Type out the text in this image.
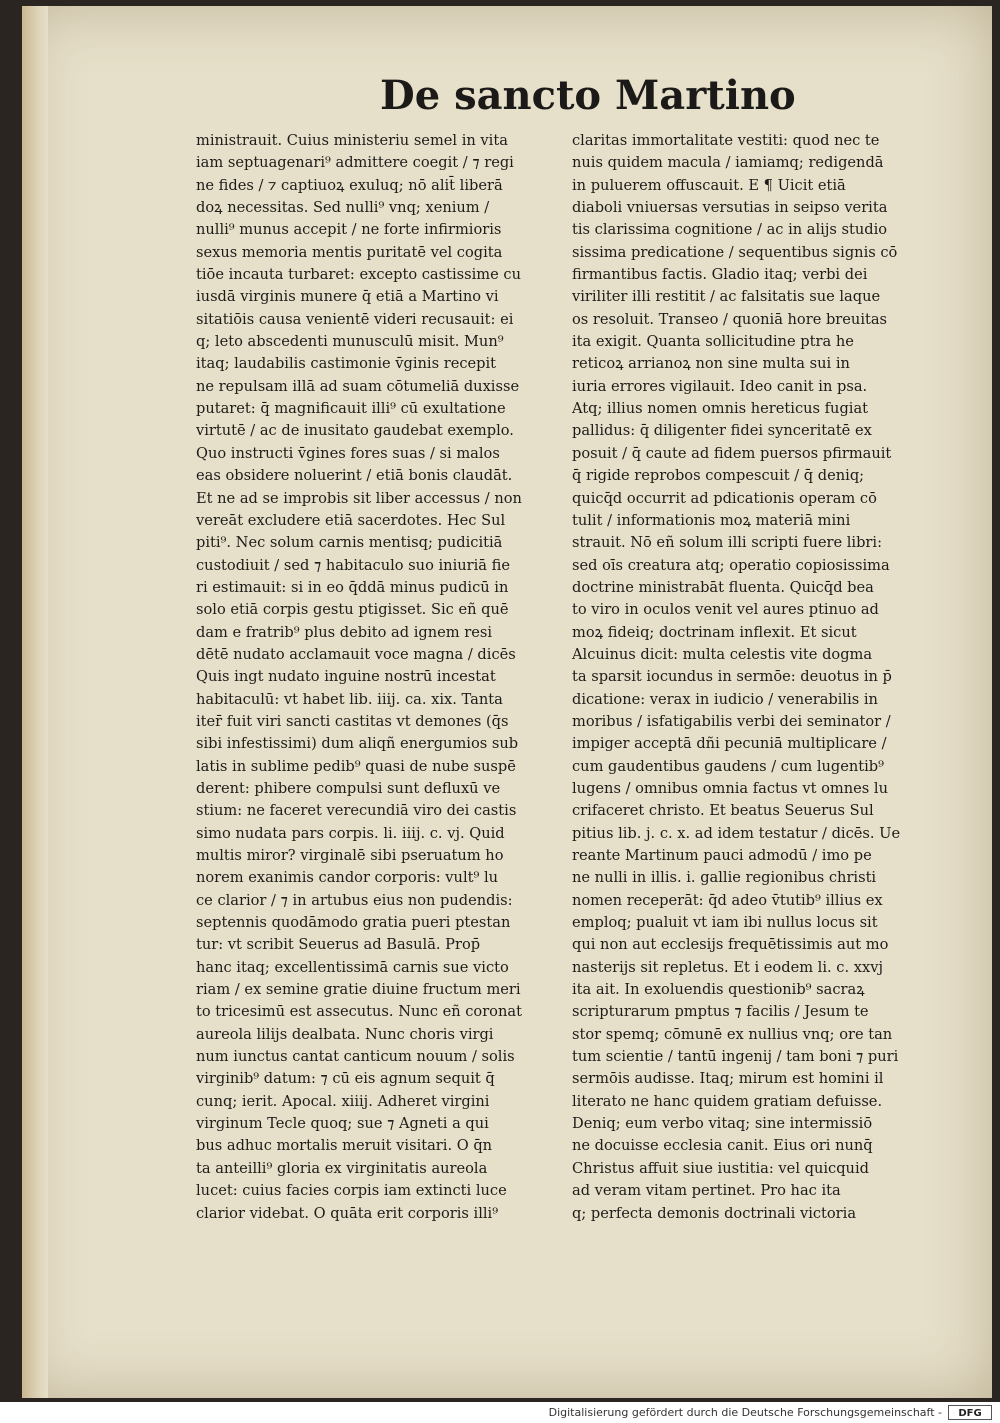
De sancto Martino
ministrauit. Cuius ministeriu semel in vita
iam septuagenari⁹ admittere coegit / ⁊ regi
ne fides / ⁊ captiuoꝝ exuluq; nō alit̄ liberā
doꝝ necessitas. Sed nulli⁹ vnq; xenium /
nulli⁹ munus accepit / ne forte infirmioris
sexus memoria mentis puritatē vel cogita
tiōe incauta turbaret: excepto castissime cu
iusdā virginis munere q̄ etiā a Martino vi
sitatiōis causa venientē videri recusauit: ei
q; leto abscedenti munusculū misit. Mun⁹
itaq; laudabilis castimonie v̄ginis recepit
ne repulsam illā ad suam cōtumeliā duxisse
putaret: q̄ magnificauit illi⁹ cū exultatione
virtutē / ac de inusitato gaudebat exemplo.
Quo instructi v̄gines fores suas / si malos
eas obsidere noluerint / etiā bonis claudāt.
Et ne ad se improbis sit liber accessus / non
vereāt excludere etiā sacerdotes. Hec Sul
piti⁹. Nec solum carnis mentisq; pudicitiā
custodiuit / sed ⁊ habitaculo suo iniuriā fie
ri estimauit: si in eo q̄ddā minus pudicū in
solo etiā corpis gestu ptigisset. Sic eñ quē
dam e fratrib⁹ plus debito ad ignem resi
dētē nudato acclamauit voce magna / dicēs
Quis ingt nudato inguine nostrū incestat
habitaculū: vt habet lib. iiij. ca. xix. Tanta
iter̄ fuit viri sancti castitas vt demones (q̄s
sibi infestissimi) dum aliqñ energumios sub
latis in sublime pedib⁹ quasi de nube suspē
derent: phibere compulsi sunt defluxū ve
stium: ne faceret verecundiā viro dei castis
simo nudata pars corpis. li. iiij. c. vj. Quid
multis miror? virginalē sibi pseruatum ho
norem exanimis candor corporis: vult⁹ lu
ce clarior / ⁊ in artubus eius non pudendis:
septennis quodāmodo gratia pueri ptestan
tur: vt scribit Seuerus ad Basulā. Prop̄
hanc itaq; excellentissimā carnis sue victo
riam / ex semine gratie diuine fructum meri
to tricesimū est assecutus. Nunc eñ coronat
aureola lilijs dealbata. Nunc choris virgi
num iunctus cantat canticum nouum / solis
virginib⁹ datum: ⁊ cū eis agnum sequit q̄
cunq; ierit. Apocal. xiiij. Adheret virgini
virginum Tecle quoq; sue ⁊ Agneti a qui
bus adhuc mortalis meruit visitari. O q̄n
ta anteilli⁹ gloria ex virginitatis aureola
lucet: cuius facies corpis iam extincti luce
clarior videbat. O quāta erit corporis illi⁹
claritas immortalitate vestiti: quod nec te
nuis quidem macula / iamiamq; redigendā
in puluerem offuscauit. E ¶ Uicit etiā
diaboli vniuersas versutias in seipso verita
tis clarissima cognitione / ac in alijs studio
sissima predicatione / sequentibus signis cō
firmantibus factis. Gladio itaq; verbi dei
viriliter illi restitit / ac falsitatis sue laque
os resoluit. Transeo / quoniā hore breuitas
ita exigit. Quanta sollicitudine ptra he
reticoꝝ arrianoꝝ non sine multa sui in
iuria errores vigilauit. Ideo canit in psa.
Atq; illius nomen omnis hereticus fugiat
pallidus: q̄ diligenter fidei synceritatē ex
posuit / q̄ caute ad fidem puersos pfirmauit
q̄ rigide reprobos compescuit / q̄ deniq;
quicq̄d occurrit ad pdicationis operam cō
tulit / informationis moꝝ materiā mini
strauit. Nō eñ solum illi scripti fuere libri:
sed oīs creatura atq; operatio copiosissima
doctrine ministrabāt fluenta. Quicq̄d bea
to viro in oculos venit vel aures ptinuo ad
moꝝ fideiq; doctrinam inflexit. Et sicut
Alcuinus dicit: multa celestis vite dogma
ta sparsit iocundus in sermōe: deuotus in p̄
dicatione: verax in iudicio / venerabilis in
moribus / isfatigabilis verbi dei seminator /
impiger acceptā dñi pecuniā multiplicare /
cum gaudentibus gaudens / cum lugentib⁹
lugens / omnibus omnia factus vt omnes lu
crifaceret christo. Et beatus Seuerus Sul
pitius lib. j. c. x. ad idem testatur / dicēs. Ue
reante Martinum pauci admodū / imo pe
ne nulli in illis. i. gallie regionibus christi
nomen receperāt: q̄d adeo v̄tutib⁹ illius ex
emploq; pualuit vt iam ibi nullus locus sit
qui non aut ecclesijs frequētissimis aut mo
nasterijs sit repletus. Et i eodem li. c. xxvj
ita ait. In exoluendis questionib⁹ sacraꝝ
scripturarum pmptus ⁊ facilis / Jesum te
stor spemq; cōmunē ex nullius vnq; ore tan
tum scientie / tantū ingenij / tam boni ⁊ puri
sermōis audisse. Itaq; mirum est homini il
literato ne hanc quidem gratiam defuisse.
Deniq; eum verbo vitaq; sine intermissiō
ne docuisse ecclesia canit. Eius ori nunq̄
Christus affuit siue iustitia: vel quicquid
ad veram vitam pertinet. Pro hac ita
q; perfecta demonis doctrinali victoria
Digitalisierung gefördert durch die Deutsche Forschungsgemeinschaft -	DFG
